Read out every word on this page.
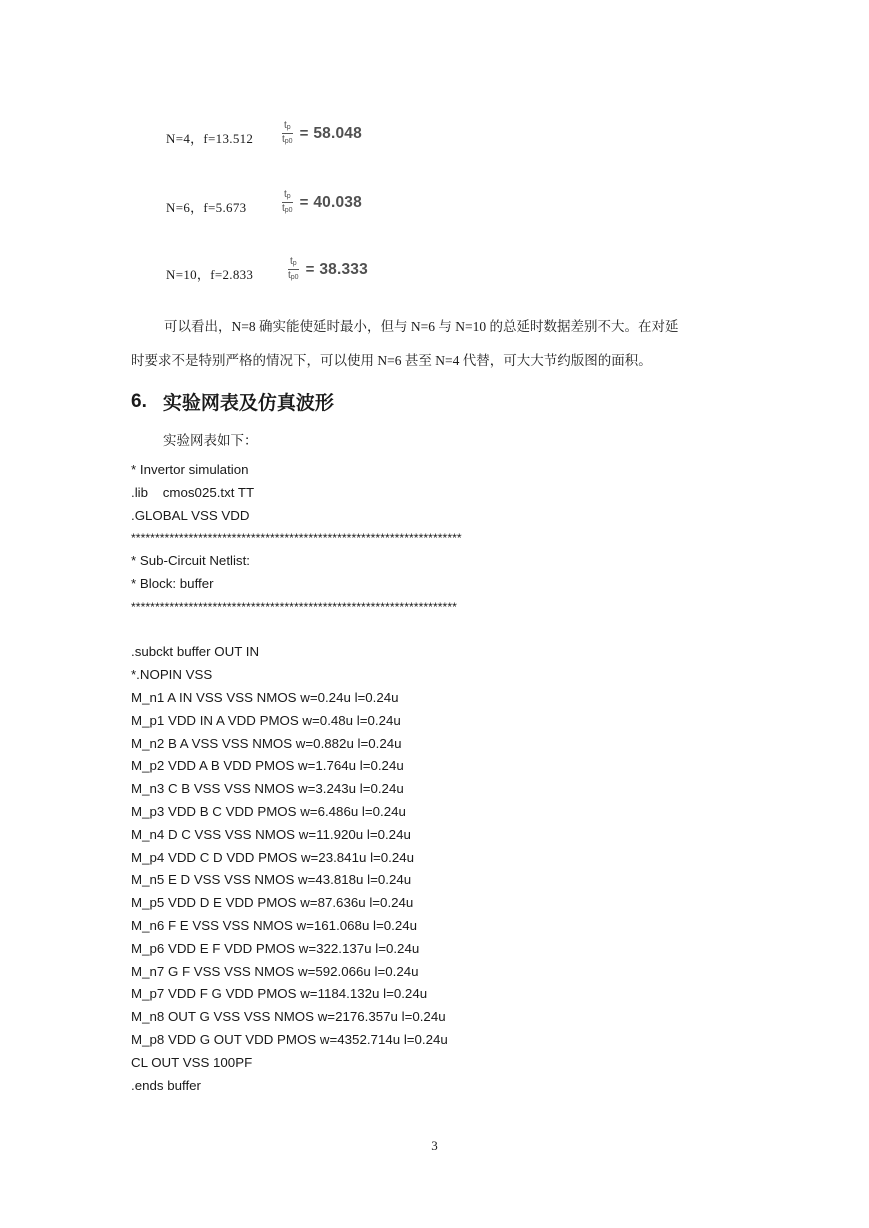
N=4，f=13.512	$\frac{t_p}{t_{p0}} = 58.048$
N=6，f=5.673	$\frac{t_p}{t_{p0}} = 40.038$
N=10，f=2.833	$\frac{t_p}{t_{p0}} = 38.333$
可以看出，N=8 确实能使延时最小，但与 N=6 与 N=10 的总延时数据差别不大。在对延
时要求不是特别严格的情况下，可以使用 N=6 甚至 N=4 代替，可大大节约版图的面积。
6. 实验网表及仿真波形
实验网表如下：
* Invertor simulation
.lib    cmos025.txt TT
.GLOBAL VSS VDD
*********************************************************************
* Sub-Circuit Netlist:
* Block: buffer
********************************************************************
.subckt buffer OUT IN
*.NOPIN VSS
M_n1 A IN VSS VSS NMOS w=0.24u l=0.24u
M_p1 VDD IN A VDD PMOS w=0.48u l=0.24u
M_n2 B A VSS VSS NMOS w=0.882u l=0.24u
M_p2 VDD A B VDD PMOS w=1.764u l=0.24u
M_n3 C B VSS VSS NMOS w=3.243u l=0.24u
M_p3 VDD B C VDD PMOS w=6.486u l=0.24u
M_n4 D C VSS VSS NMOS w=11.920u l=0.24u
M_p4 VDD C D VDD PMOS w=23.841u l=0.24u
M_n5 E D VSS VSS NMOS w=43.818u l=0.24u
M_p5 VDD D E VDD PMOS w=87.636u l=0.24u
M_n6 F E VSS VSS NMOS w=161.068u l=0.24u
M_p6 VDD E F VDD PMOS w=322.137u l=0.24u
M_n7 G F VSS VSS NMOS w=592.066u l=0.24u
M_p7 VDD F G VDD PMOS w=1184.132u l=0.24u
M_n8 OUT G VSS VSS NMOS w=2176.357u l=0.24u
M_p8 VDD G OUT VDD PMOS w=4352.714u l=0.24u
CL OUT VSS 100PF
.ends buffer
3
